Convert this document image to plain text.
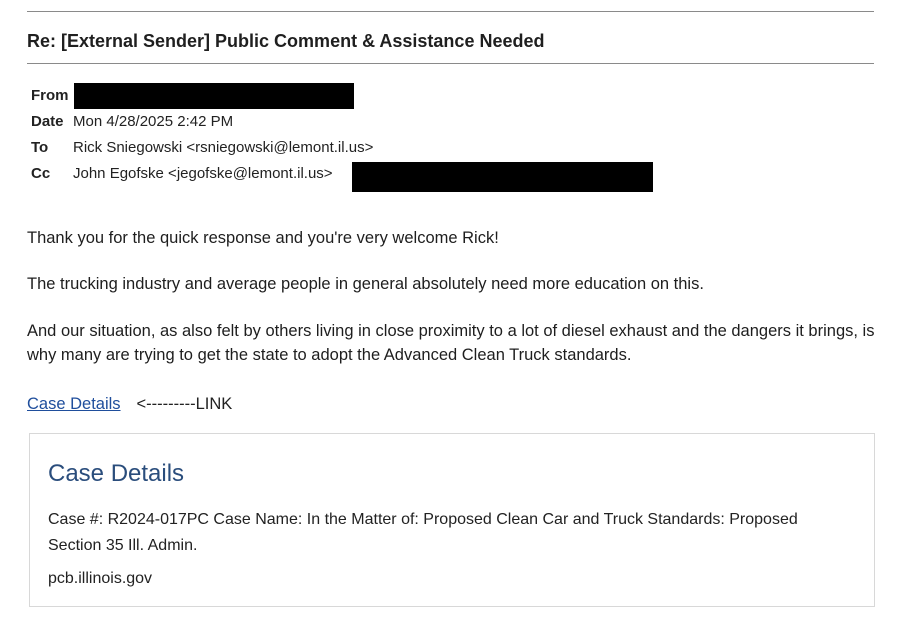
Re: [External Sender] Public Comment & Assistance Needed
From
Date Mon 4/28/2025 2:42 PM
To Rick Sniegowski <rsniegowski@lemont.il.us>
Cc John Egofske <jegofske@lemont.il.us>
Thank you for the quick response and you're very welcome Rick!
The trucking industry and average people in general absolutely need more education on this.
And our situation, as also felt by others living in close proximity to a lot of diesel exhaust and the dangers it brings, is why many are trying to get the state to adopt the Advanced Clean Truck standards.
Case Details <---------LINK
Case Details
Case #: R2024-017PC Case Name: In the Matter of: Proposed Clean Car and Truck Standards: Proposed Section 35 Ill. Admin.
pcb.illinois.gov
